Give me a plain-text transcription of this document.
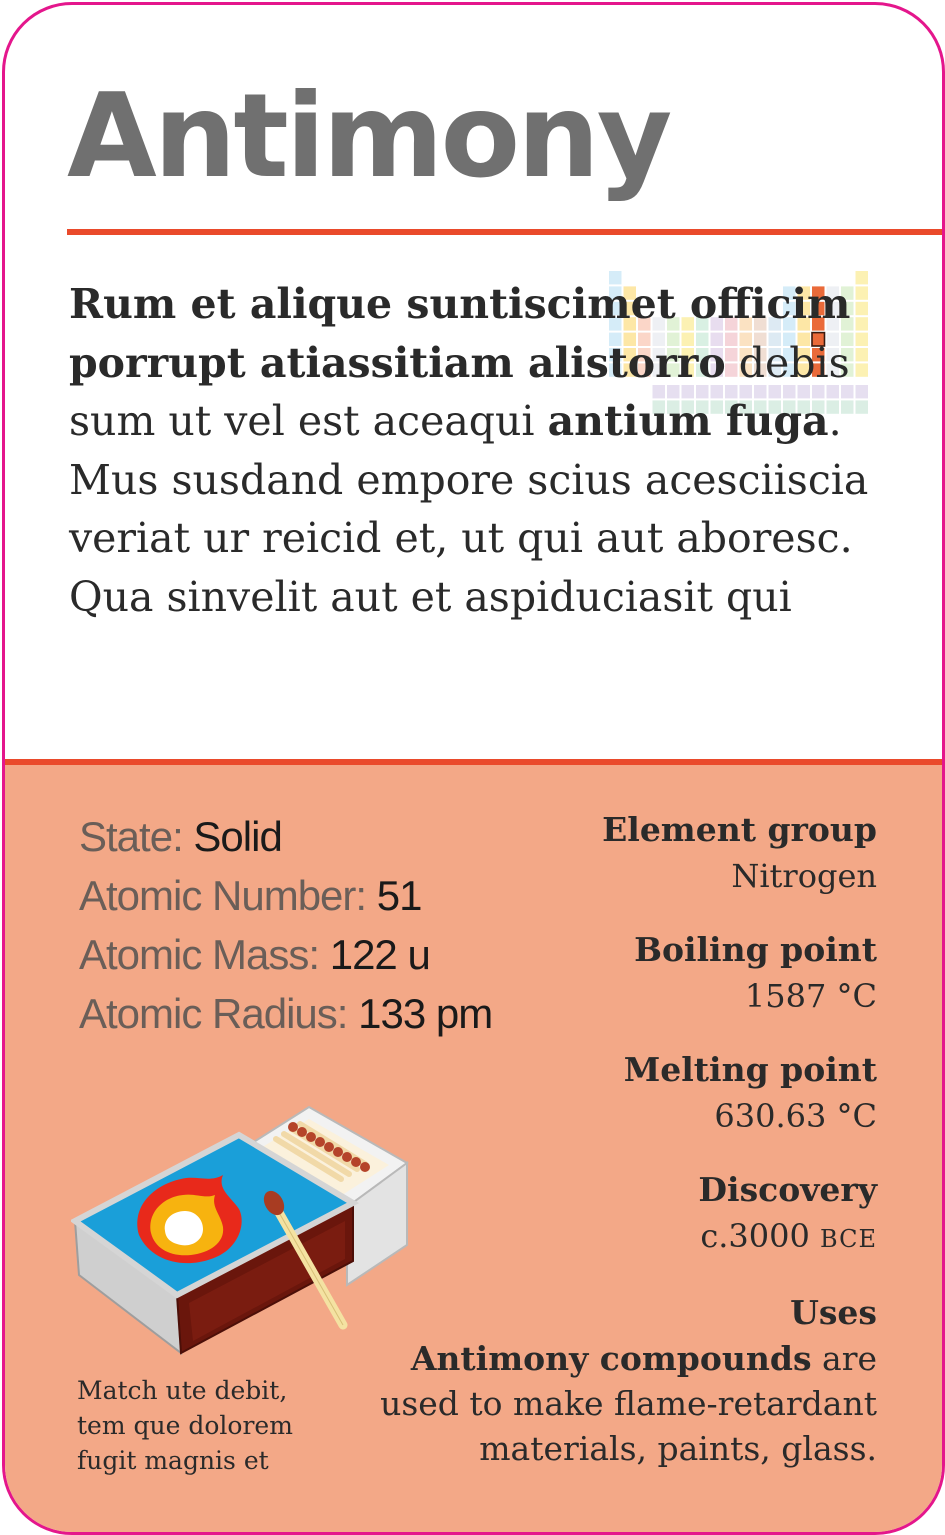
Antimony

Rum et alique suntiscimet officim porrupt atiassitiam alistorro debis sum ut vel est aceaqui antium fuga. Mus susdand empore scius acesciiscia veriat ur reicid et, ut qui aut aboresc. Qua sinvelit aut et aspiduciasit qui

State: Solid
Atomic Number: 51
Atomic Mass: 122 u
Atomic Radius: 133 pm
Element group
Nitrogen
Boiling point
1587 °C
Melting point
630.63 °C
Discovery
c.3000 BCE
Uses
Antimony compounds are used to make flame-retardant materials, paints, glass.
Match ute debit, tem que dolorem fugit magnis et
